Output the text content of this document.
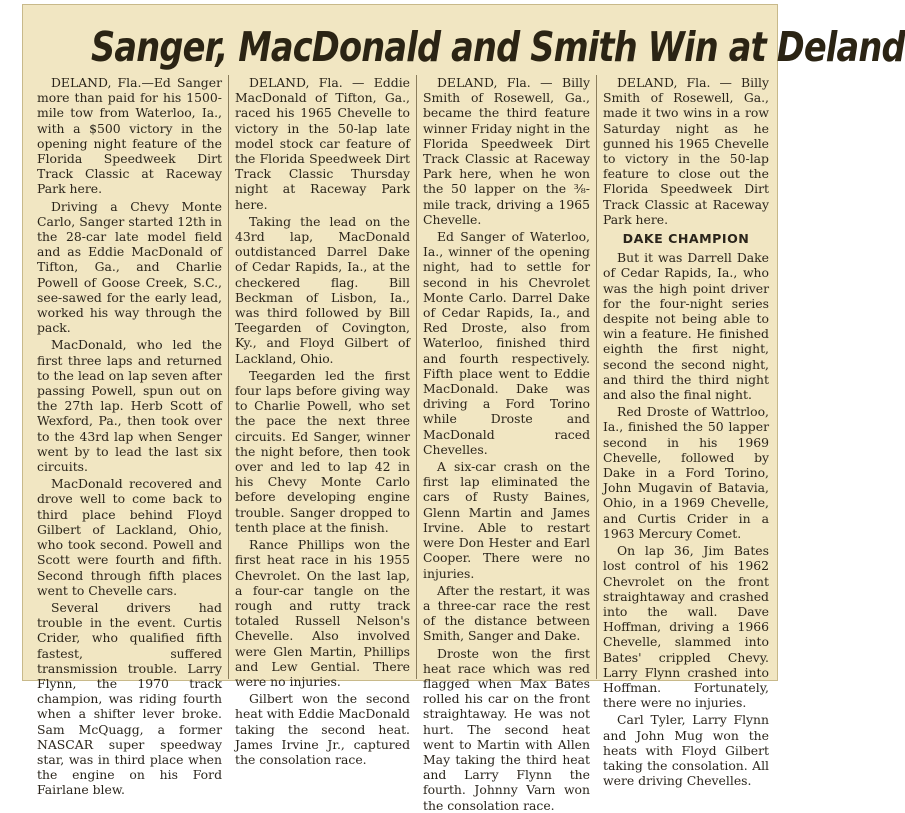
Sanger, MacDonald and Smith Win at Deland

DELAND, Fla.—Ed Sanger more than paid for his 1500-mile tow from Waterloo, Ia., with a $500 victory in the opening night feature of the Florida Speedweek Dirt Track Classic at Raceway Park here.

Driving a Chevy Monte Carlo, Sanger started 12th in the 28-car late model field and as Eddie MacDonald of Tifton, Ga., and Charlie Powell of Goose Creek, S.C., see-sawed for the early lead, worked his way through the pack.

MacDonald, who led the first three laps and returned to the lead on lap seven after passing Powell, spun out on the 27th lap. Herb Scott of Wexford, Pa., then took over to the 43rd lap when Senger went by to lead the last six circuits.

MacDonald recovered and drove well to come back to third place behind Floyd Gilbert of Lackland, Ohio, who took second. Powell and Scott were fourth and fifth. Second through fifth places went to Chevelle cars.

Several drivers had trouble in the event. Curtis Crider, who qualified fifth fastest, suffered transmission trouble. Larry Flynn, the 1970 track champion, was riding fourth when a shifter lever broke. Sam McQuagg, a former NASCAR super speedway star, was in third place when the engine on his Ford Fairlane blew.

DELAND, Fla. — Eddie MacDonald of Tifton, Ga., raced his 1965 Chevelle to victory in the 50-lap late model stock car feature of the Florida Speedweek Dirt Track Classic Thursday night at Raceway Park here.

Taking the lead on the 43rd lap, MacDonald outdistanced Darrel Dake of Cedar Rapids, Ia., at the checkered flag. Bill Beckman of Lisbon, Ia., was third followed by Bill Teegarden of Covington, Ky., and Floyd Gilbert of Lackland, Ohio.

Teegarden led the first four laps before giving way to Charlie Powell, who set the pace the next three circuits. Ed Sanger, winner the night before, then took over and led to lap 42 in his Chevy Monte Carlo before developing engine trouble. Sanger dropped to tenth place at the finish.

Rance Phillips won the first heat race in his 1955 Chevrolet. On the last lap, a four-car tangle on the rough and rutty track totaled Russell Nelson's Chevelle. Also involved were Glen Martin, Phillips and Lew Gential. There were no injuries.

Gilbert won the second heat with Eddie MacDonald taking the second heat. James Irvine Jr., captured the consolation race.

DELAND, Fla. — Billy Smith of Rosewell, Ga., became the third feature winner Friday night in the Florida Speedweek Dirt Track Classic at Raceway Park here, when he won the 50 lapper on the ⅜-mile track, driving a 1965 Chevelle.

Ed Sanger of Waterloo, Ia., winner of the opening night, had to settle for second in his Chevrolet Monte Carlo. Darrel Dake of Cedar Rapids, Ia., and Red Droste, also from Waterloo, finished third and fourth respectively. Fifth place went to Eddie MacDonald. Dake was driving a Ford Torino while Droste and MacDonald raced Chevelles.

A six-car crash on the first lap eliminated the cars of Rusty Baines, Glenn Martin and James Irvine. Able to restart were Don Hester and Earl Cooper. There were no injuries.

After the restart, it was a three-car race the rest of the distance between Smith, Sanger and Dake.

Droste won the first heat race which was red flagged when Max Bates rolled his car on the front straightaway. He was not hurt. The second heat went to Martin with Allen May taking the third heat and Larry Flynn the fourth. Johnny Varn won the consolation race.

DELAND, Fla. — Billy Smith of Rosewell, Ga., made it two wins in a row Saturday night as he gunned his 1965 Chevelle to victory in the 50-lap feature to close out the Florida Speedweek Dirt Track Classic at Raceway Park here.

DAKE CHAMPION

But it was Darrell Dake of Cedar Rapids, Ia., who was the high point driver for the four-night series despite not being able to win a feature. He finished eighth the first night, second the second night, and third the third night and also the final night.

Red Droste of Wattrloo, Ia., finished the 50 lapper second in his 1969 Chevelle, followed by Dake in a Ford Torino, John Mugavin of Batavia, Ohio, in a 1969 Chevelle, and Curtis Crider in a 1963 Mercury Comet.

On lap 36, Jim Bates lost control of his 1962 Chevrolet on the front straightaway and crashed into the wall. Dave Hoffman, driving a 1966 Chevelle, slammed into Bates' crippled Chevy. Larry Flynn crashed into Hoffman. Fortunately, there were no injuries.

Carl Tyler, Larry Flynn and John Mug won the heats with Floyd Gilbert taking the consolation. All were driving Chevelles.
